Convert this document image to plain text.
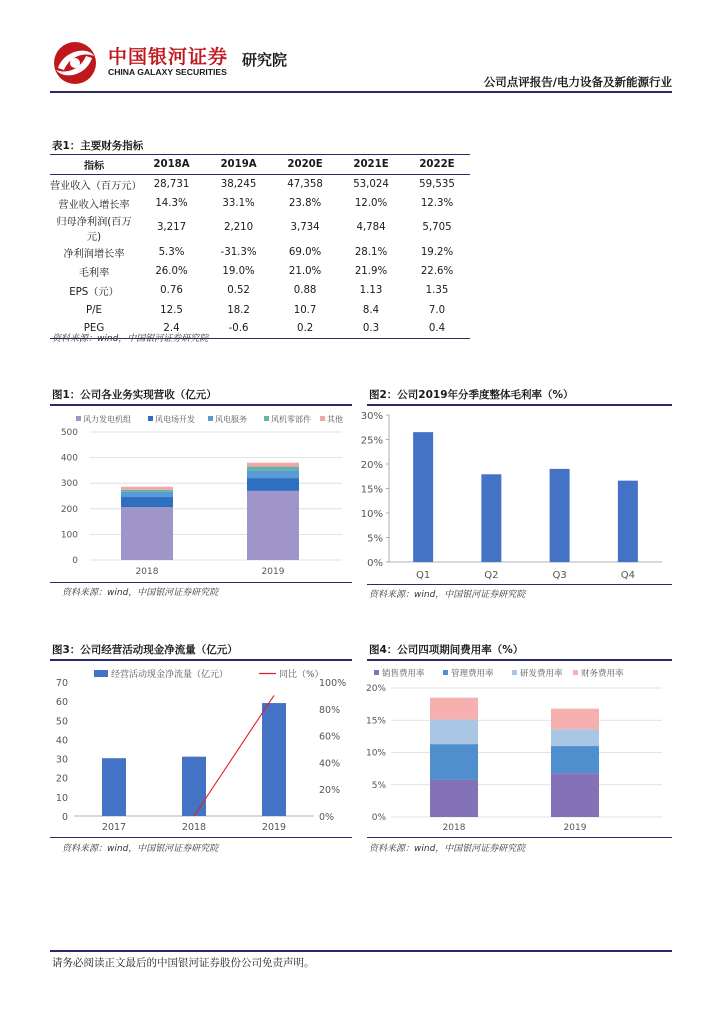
中国银河证券
CHINA GALAXY SECURITIES
研究院
公司点评报告/电力设备及新能源行业
表1：主要财务指标
指标	2018A	2019A	2020E	2021E	2022E
营业收入（百万元）	28,731	38,245	47,358	53,024	59,535
营业收入增长率	14.3%	33.1%	23.8%	12.0%	12.3%
归母净利润(百万元)	3,217	2,210	3,734	4,784	5,705
净利润增长率	5.3%	-31.3%	69.0%	28.1%	19.2%
毛利率	26.0%	19.0%	21.0%	21.9%	22.6%
EPS（元）	0.76	0.52	0.88	1.13	1.35
P/E	12.5	18.2	10.7	8.4	7.0
PEG	2.4	-0.6	0.2	0.3	0.4
资料来源：wind，中国银河证券研究院
图1：公司各业务实现营收（亿元）
风力发电机组	风电场开发	风电服务	风机零部件 其他
0
100
200
300
400
500
2018	2019
资料来源：wind，中国银河证券研究院
图2：公司2019年分季度整体毛利率（%）
0%
5%
10%
15%
20%
25%
30%
Q1	Q2	Q3	Q4
资料来源：wind，中国银河证券研究院
图3：公司经营活动现金净流量（亿元）
经营活动现金净流量（亿元）	同比（%）
0
10
20
30
40
50
60
70
0%
20%
40%
60%
80%
100%
2017	2018	2019
资料来源：wind，中国银河证券研究院
图4：公司四项期间费用率（%）
销售费用率	管理费用率	研发费用率 财务费用率
0%
5%
10%
15%
20%
2018	2019
资料来源：wind，中国银河证券研究院
请务必阅读正文最后的中国银河证券股份公司免责声明。
